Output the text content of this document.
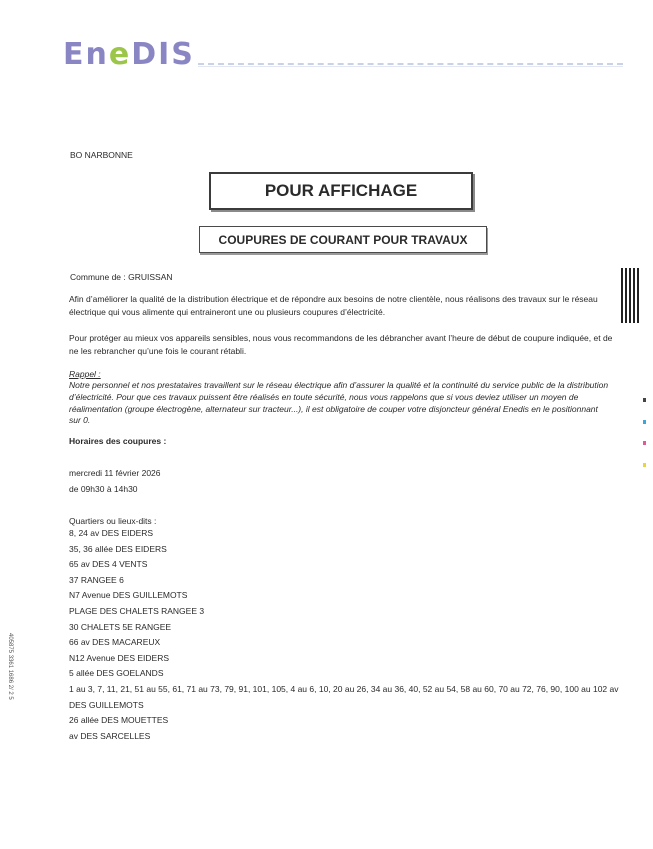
EneDIS
BO NARBONNE
POUR AFFICHAGE
COUPURES DE COURANT POUR TRAVAUX
Commune de : GRUISSAN
Afin d’améliorer la qualité de la distribution électrique et de répondre aux besoins de notre clientèle, nous réalisons des travaux sur le réseau électrique qui vous alimente qui entraineront une ou plusieurs coupures d’électricité.
Pour protéger au mieux vos appareils sensibles, nous vous recommandons de les débrancher avant l’heure de début de coupure indiquée, et de ne les rebrancher qu’une fois le courant rétabli.
Rappel :
Notre personnel et nos prestataires travaillent sur le réseau électrique afin d’assurer la qualité et la continuité du service public de la distribution d’électricité. Pour que ces travaux puissent être réalisés en toute sécurité, nous vous rappelons que si vous deviez utiliser un moyen de réalimentation (groupe électrogène, alternateur sur tracteur...), il est obligatoire de couper votre disjoncteur général Enedis en le positionnant sur 0.
Horaires des coupures :
mercredi 11 février 2026
de 09h30 à 14h30
Quartiers ou lieux-dits :
8, 24 av DES EIDERS
35, 36 allée DES EIDERS
65 av DES 4 VENTS
37 RANGEE 6
N7 Avenue DES GUILLEMOTS
PLAGE DES CHALETS RANGEE 3
30 CHALETS 5E RANGEE
66 av DES MACAREUX
N12 Avenue DES EIDERS
5 allée DES GOELANDS
1 au 3, 7, 11, 21, 51 au 55, 61, 71 au 73, 79, 91, 101, 105, 4 au 6, 10, 20 au 26, 34 au 36, 40, 52 au 54, 58 au 60, 70 au 72, 76, 90, 100 au 102 av DES GUILLEMOTS
26 allée DES MOUETTES
av DES SARCELLES
405875 3361 1686 2/ 2 5
